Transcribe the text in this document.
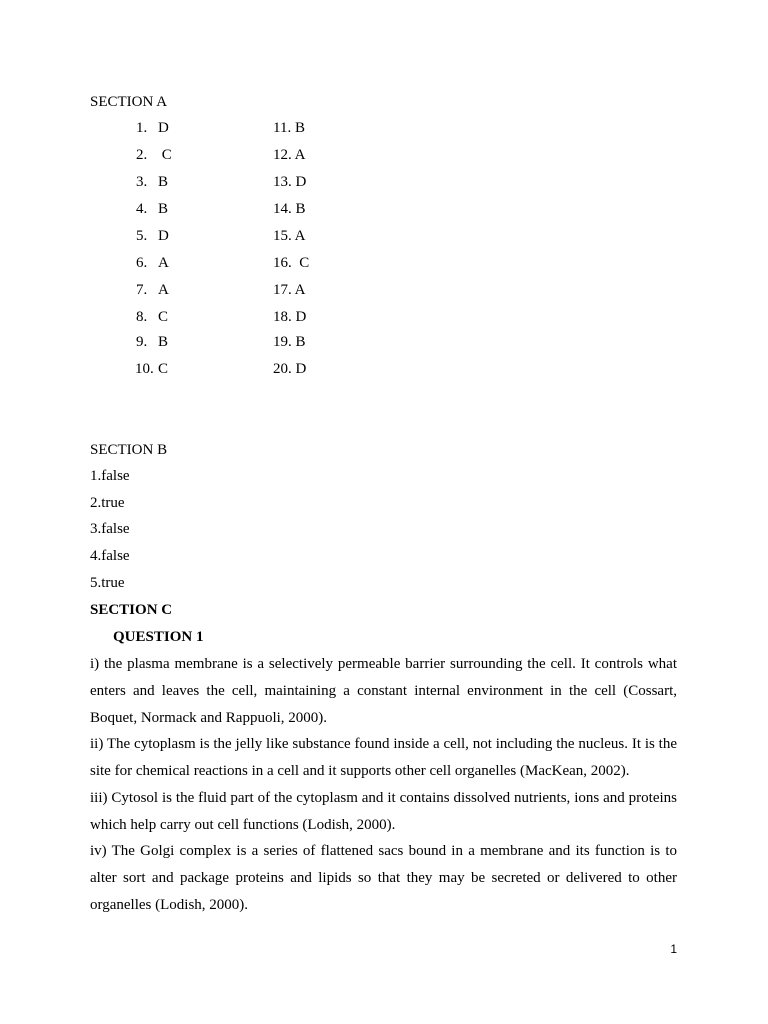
SECTION A
1. D
2. C
3. B
4. B
5. D
6. A
7. A
8. C
9. B
10. C
11. B
12. A
13. D
14. B
15. A
16.  C
17. A
18. D
19. B
20. D
SECTION B
1.false
2.true
3.false
4.false
5.true
SECTION C
QUESTION 1
i) the plasma membrane is a selectively permeable barrier surrounding the cell. It controls what enters and leaves the cell, maintaining a constant internal environment in the cell (Cossart, Boquet, Normack and Rappuoli, 2000).
ii) The cytoplasm is the jelly like substance found inside a cell, not including the nucleus. It is the site for chemical reactions in a cell and it supports other cell organelles (MacKean, 2002).
iii) Cytosol is the fluid part of the cytoplasm and it contains dissolved nutrients, ions and proteins which help carry out cell functions (Lodish, 2000).
iv) The Golgi complex is a series of flattened sacs bound in a membrane and its function is to alter sort and package proteins and lipids so that they may be secreted or delivered to other organelles (Lodish, 2000).
1
